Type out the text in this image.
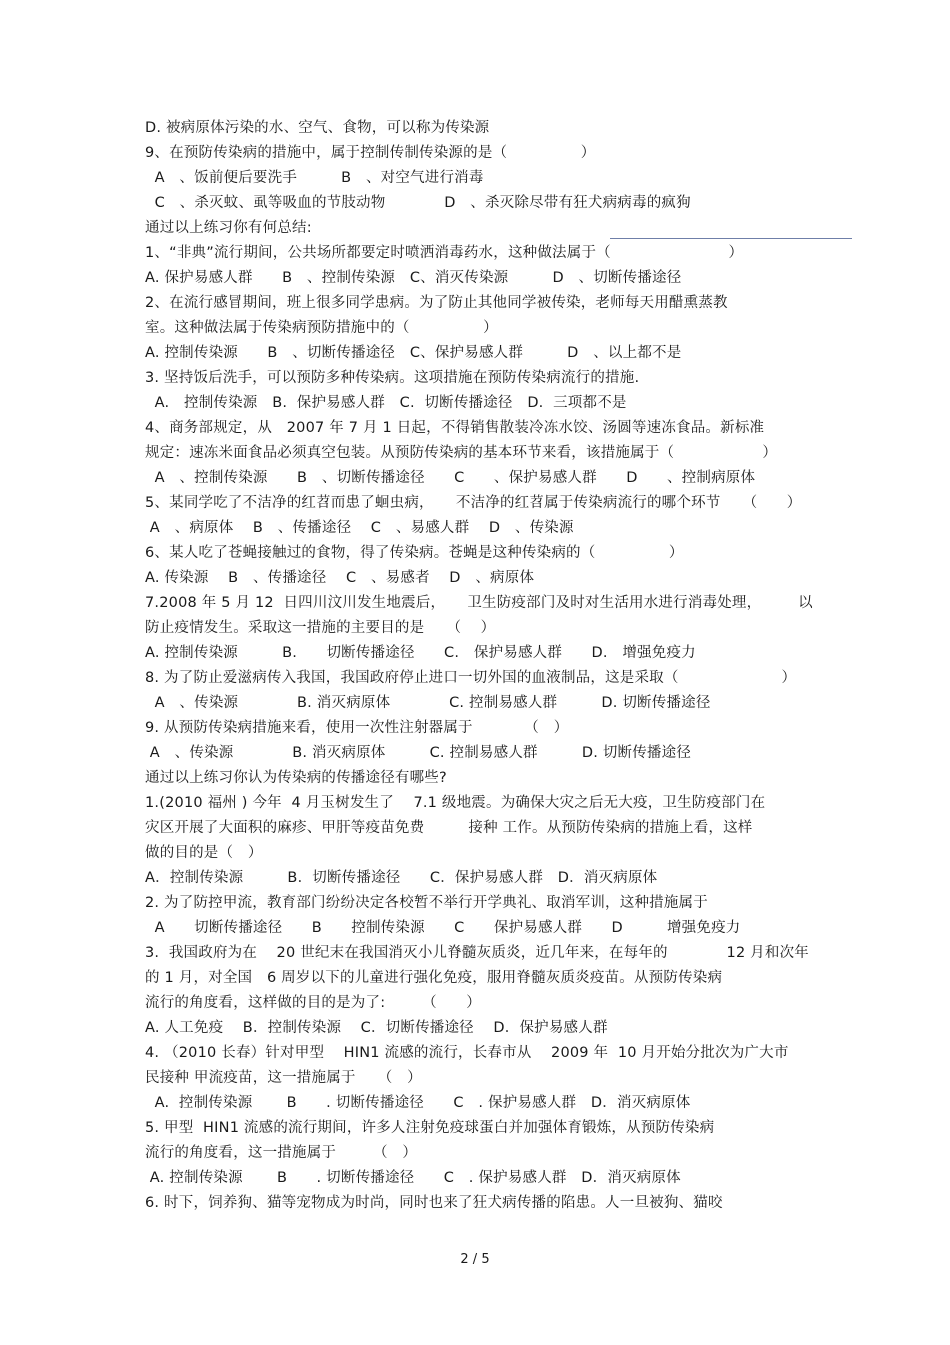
D. 被病原体污染的水、空气、食物，可以称为传染源
9、在预防传染病的措施中，属于控制传制传染源的是（　　　　　）
A　、饭前便后要洗手　　　B　、对空气进行消毒
C　、杀灭蚊、虱等吸血的节肢动物　　　　D　、杀灭除尽带有狂犬病病毒的疯狗
通过以上练习你有何总结:
1、“非典”流行期间，公共场所都要定时喷洒消毒药水，这种做法属于（　　　　　　　　）
A. 保护易感人群　　B　、控制传染源　C、消灭传染源　　　D　、切断传播途径
2、在流行感冒期间，班上很多同学患病。为了防止其他同学被传染，老师每天用醋熏蒸教
室。这种做法属于传染病预防措施中的（　　　　　）
A. 控制传染源　　B　、切断传播途径　C、保护易感人群　　　D　、以上都不是
3. 坚持饭后洗手，可以预防多种传染病。这项措施在预防传染病流行的措施.
A.　控制传染源　B.  保护易感人群　C.  切断传播途径　D.  三项都不是
4、商务部规定，从　2007 年 7 月 1 日起，不得销售散装冷冻水饺、汤圆等速冻食品。新标准
规定：速冻米面食品必须真空包装。从预防传染病的基本环节来看，该措施属于（　　　　　　）
A　、控制传染源　　B　、切断传播途径　　C　　、保护易感人群　　D　　、控制病原体
5、某同学吃了不洁净的红苕而患了蛔虫病，　　不洁净的红苕属于传染病流行的哪个环节　　（　　）
A　、病原体　 B　、传播途径　 C　、易感人群　 D　、传染源
6、某人吃了苍蝇接触过的食物，得了传染病。苍蝇是这种传染病的（　　　　　）
A. 传染源　 B　、传播途径　 C　、易感者　 D　、病原体
7.2008 年 5 月 12  日四川汶川发生地震后，　　卫生防疫部门及时对生活用水进行消毒处理，　　　以
防止疫情发生。采取这一措施的主要目的是　　（　 ）
A. 控制传染源　　　B.　　切断传播途径　　C.　保护易感人群　　D.　增强免疫力
8. 为了防止爱滋病传入我国，我国政府停止进口一切外国的血液制品，这是采取（　　　　　　　）
A　、传染源　　　　B. 消灭病原体　　　　C. 控制易感人群　　　D. 切断传播途径
9. 从预防传染病措施来看，使用一次性注射器属于　　　　（　）
A　、传染源　　　　B. 消灭病原体　　　C. 控制易感人群　　　D. 切断传播途径
通过以上练习你认为传染病的传播途径有哪些?
1.(2010 福州 ) 今年  4 月玉树发生了　 7.1 级地震。为确保大灾之后无大疫，卫生防疫部门在
灾区开展了大面积的麻疹、甲肝等疫苗免费　　　接种 工作。从预防传染病的措施上看，这样
做的目的是（　）
A．控制传染源　　　B．切断传播途径　　C．保护易感人群　D．消灭病原体
2. 为了防控甲流，教育部门纷纷决定各校暂不举行开学典礼、取消军训，这种措施属于
A　　切断传播途径　　B　　控制传染源　　C　　保护易感人群　　D　　　增强免疫力
3.  我国政府为在　 20 世纪末在我国消灭小儿脊髓灰质炎，近几年来，在每年的　　　　12 月和次年
的 1 月，对全国　6 周岁以下的儿童进行强化免疫，服用脊髓灰质炎疫苗。从预防传染病
流行的角度看，这样做的目的是为了:　　　（　　）
A. 人工免疫　 B．控制传染源　 C．切断传播途径　 D．保护易感人群
4. （2010 长春）针对甲型　 HIN1 流感的流行，长春市从　 2009 年  10 月开始分批次为广大市
民接种 甲流疫苗，这一措施属于　　（　）
A.  控制传染源　　 B　　. 切断传播途径　　C　. 保护易感人群　D．消灭病原体
5. 甲型  HIN1 流感的流行期间，许多人注射免疫球蛋白并加强体育锻炼，从预防传染病
流行的角度看，这一措施属于　　　（　）
A. 控制传染源　　 B　　. 切断传播途径　　C　. 保护易感人群　D．消灭病原体
6. 时下，饲养狗、猫等宠物成为时尚，同时也来了狂犬病传播的陷患。人一旦被狗、猫咬
2 / 5
